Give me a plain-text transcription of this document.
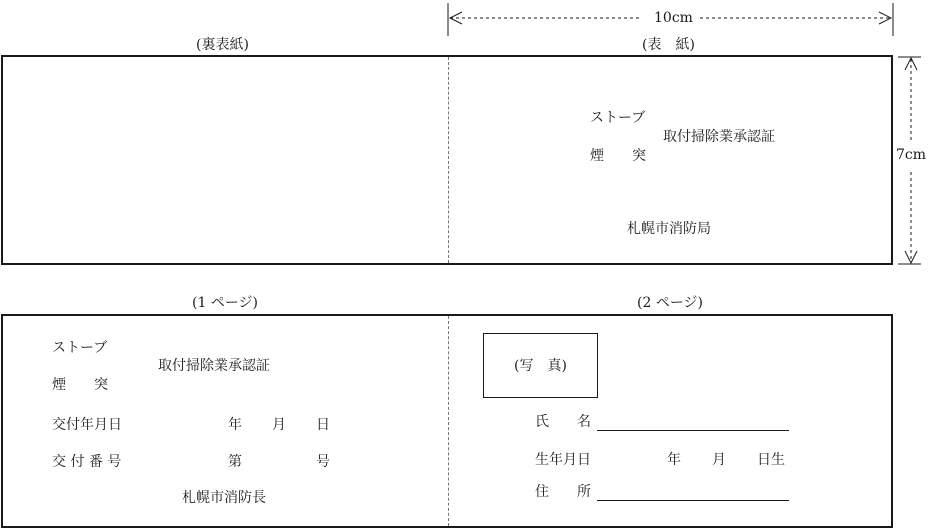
10cm
7cm
(裏表紙)	(表　紙)
(1 ページ)	(2 ページ)
ストーブ
煙　　突
取付掃除業承認証
札幌市消防局
ストーブ
煙　　突
取付掃除業承認証
交付年月日	年 月 日
交 付 番 号	第	号
札幌市消防長
(写　真)
氏　　名
生年月日	年 月 日生
住　　所
